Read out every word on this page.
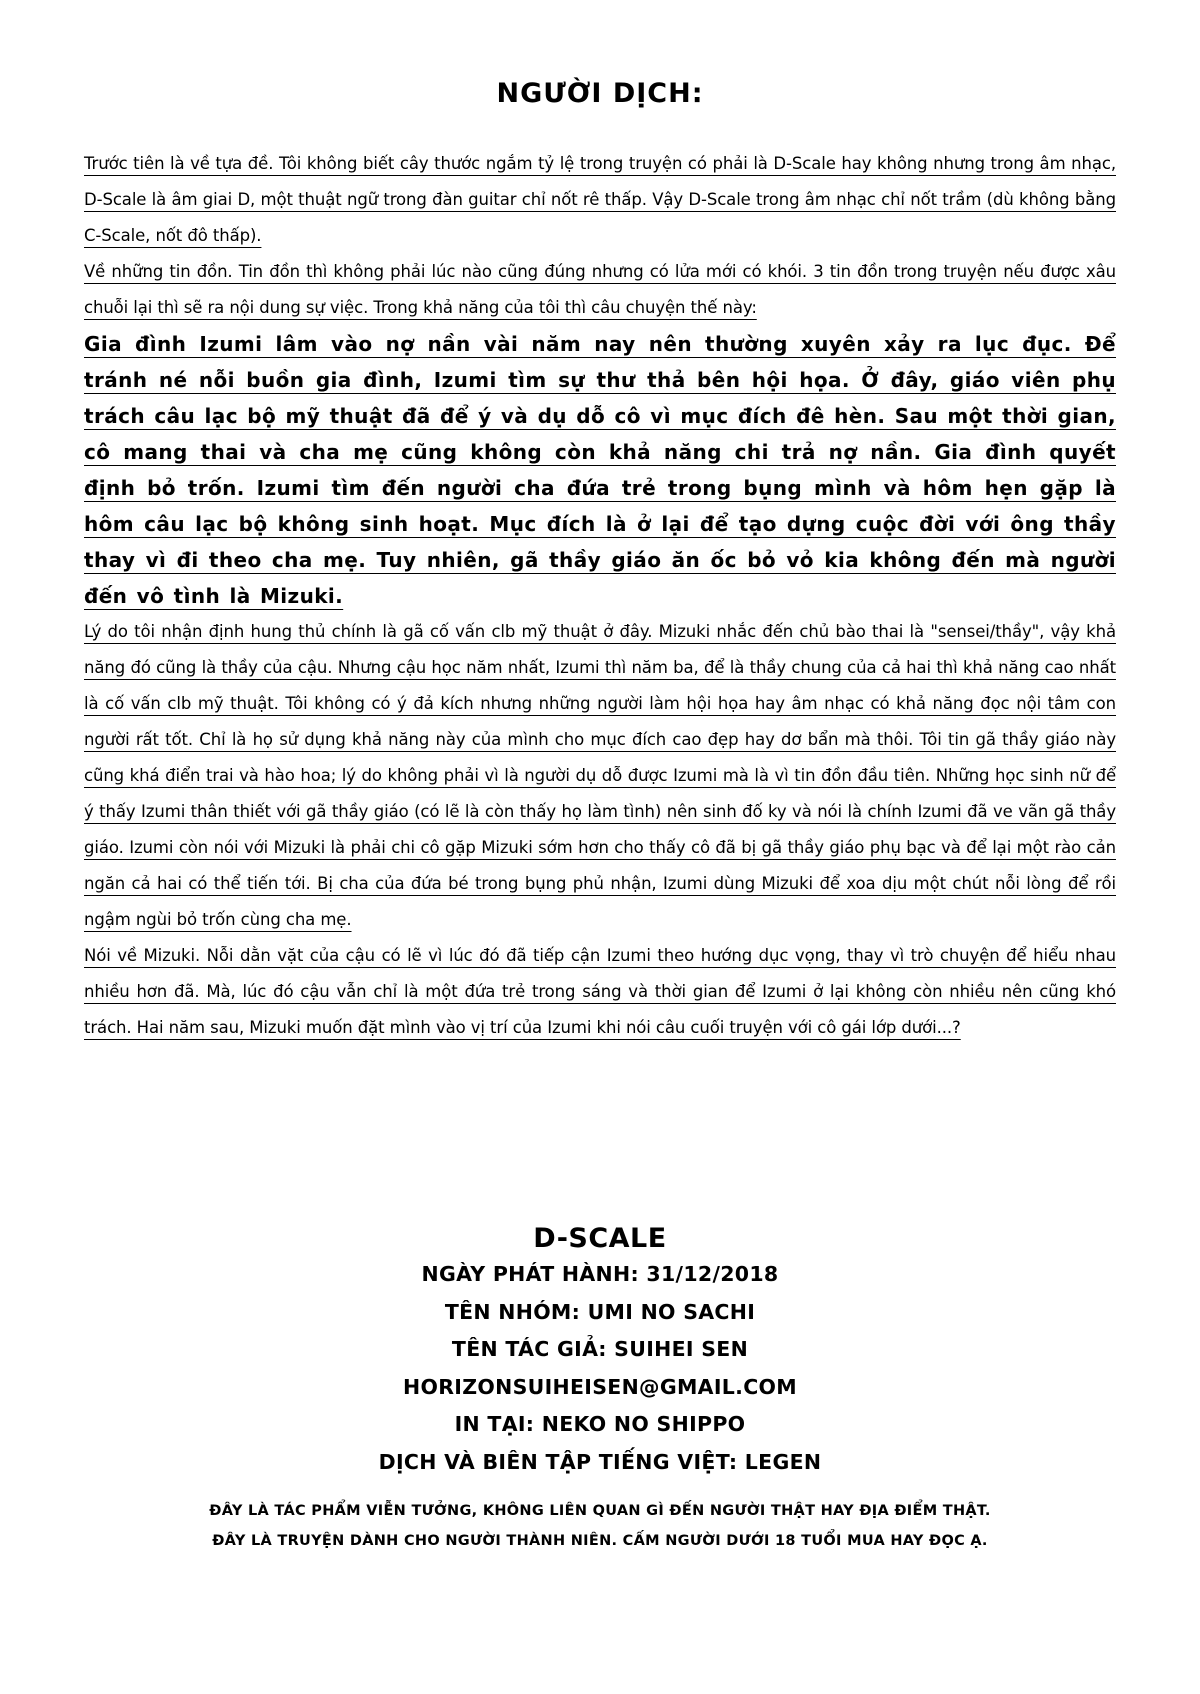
NGƯỜI DỊCH:

Trước tiên là về tựa đề. Tôi không biết cây thước ngắm tỷ lệ trong truyện có phải là D-Scale hay không nhưng trong âm nhạc, D-Scale là âm giai D, một thuật ngữ trong đàn guitar chỉ nốt rê thấp. Vậy D-Scale trong âm nhạc chỉ nốt trầm (dù không bằng C-Scale, nốt đô thấp).

Về những tin đồn. Tin đồn thì không phải lúc nào cũng đúng nhưng có lửa mới có khói. 3 tin đồn trong truyện nếu được xâu chuỗi lại thì sẽ ra nội dung sự việc. Trong khả năng của tôi thì câu chuyện thế này:

Gia đình Izumi lâm vào nợ nần vài năm nay nên thường xuyên xảy ra lục đục. Để tránh né nỗi buồn gia đình, Izumi tìm sự thư thả bên hội họa. Ở đây, giáo viên phụ trách câu lạc bộ mỹ thuật đã để ý và dụ dỗ cô vì mục đích đê hèn. Sau một thời gian, cô mang thai và cha mẹ cũng không còn khả năng chi trả nợ nần. Gia đình quyết định bỏ trốn. Izumi tìm đến người cha đứa trẻ trong bụng mình và hôm hẹn gặp là hôm câu lạc bộ không sinh hoạt. Mục đích là ở lại để tạo dựng cuộc đời với ông thầy thay vì đi theo cha mẹ. Tuy nhiên, gã thầy giáo ăn ốc bỏ vỏ kia không đến mà người đến vô tình là Mizuki.

Lý do tôi nhận định hung thủ chính là gã cố vấn clb mỹ thuật ở đây. Mizuki nhắc đến chủ bào thai là "sensei/thầy", vậy khả năng đó cũng là thầy của cậu. Nhưng cậu học năm nhất, Izumi thì năm ba, để là thầy chung của cả hai thì khả năng cao nhất là cố vấn clb mỹ thuật. Tôi không có ý đả kích nhưng những người làm hội họa hay âm nhạc có khả năng đọc nội tâm con người rất tốt. Chỉ là họ sử dụng khả năng này của mình cho mục đích cao đẹp hay dơ bẩn mà thôi. Tôi tin gã thầy giáo này cũng khá điển trai và hào hoa; lý do không phải vì là người dụ dỗ được Izumi mà là vì tin đồn đầu tiên. Những học sinh nữ để ý thấy Izumi thân thiết với gã thầy giáo (có lẽ là còn thấy họ làm tình) nên sinh đố ky và nói là chính Izumi đã ve vãn gã thầy giáo. Izumi còn nói với Mizuki là phải chi cô gặp Mizuki sớm hơn cho thấy cô đã bị gã thầy giáo phụ bạc và để lại một rào cản ngăn cả hai có thể tiến tới. Bị cha của đứa bé trong bụng phủ nhận, Izumi dùng Mizuki để xoa dịu một chút nỗi lòng để rồi ngậm ngùi bỏ trốn cùng cha mẹ.

Nói về Mizuki. Nỗi dằn vặt của cậu có lẽ vì lúc đó đã tiếp cận Izumi theo hướng dục vọng, thay vì trò chuyện để hiểu nhau nhiều hơn đã. Mà, lúc đó cậu vẫn chỉ là một đứa trẻ trong sáng và thời gian để Izumi ở lại không còn nhiều nên cũng khó trách. Hai năm sau, Mizuki muốn đặt mình vào vị trí của Izumi khi nói câu cuối truyện với cô gái lớp dưới...?

D-SCALE
NGÀY PHÁT HÀNH: 31/12/2018
TÊN NHÓM: UMI NO SACHI
TÊN TÁC GIẢ: SUIHEI SEN
HORIZONSUIHEISEN@GMAIL.COM
IN TẠI: NEKO NO SHIPPO
DỊCH VÀ BIÊN TẬP TIẾNG VIỆT: LEGEN
ĐÂY LÀ TÁC PHẨM VIỄN TƯỞNG, KHÔNG LIÊN QUAN GÌ ĐẾN NGƯỜI THẬT HAY ĐỊA ĐIỂM THẬT.
ĐÂY LÀ TRUYỆN DÀNH CHO NGƯỜI THÀNH NIÊN. CẤM NGƯỜI DƯỚI 18 TUỔI MUA HAY ĐỌC Ạ.
